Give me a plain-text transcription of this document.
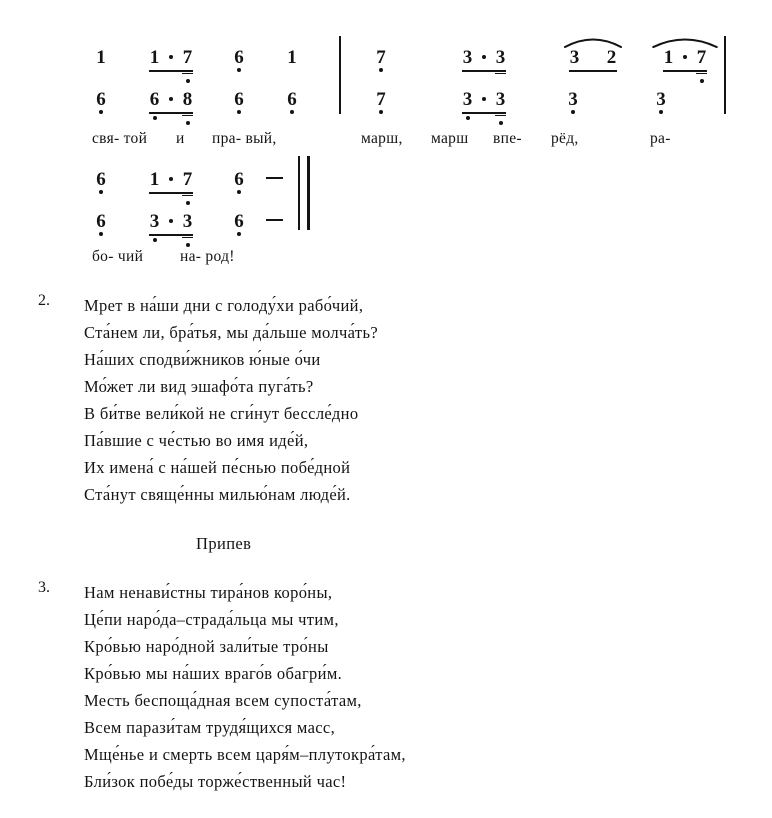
1
6
1 7
6 8
6
6
1
6
7
7
3 3
3 3
3 2
3
1 7
3
свя- той и пра- вый,	марш, марш впе- рёд,	ра-
6
6
1 7
3 3
6
6
бо- чий на- род!
2. Мрет в на́ши дни с голоду́хи рабо́чий,
Ста́нем ли, бра́тья, мы да́льше молча́ть?
На́ших сподви́жников ю́ные о́чи
Мо́жет ли вид эшафо́та пуга́ть?
В би́тве вели́кой не сги́нут бессле́дно
Па́вшие с че́стью во имя иде́й,
Их имена́ с на́шей пе́снью побе́дной
Ста́нут свяще́нны милью́нам люде́й.
Припев
3. Нам ненави́стны тира́нов коро́ны,
Це́пи наро́да–страда́льца мы чтим,
Кро́вью наро́дной зали́тые тро́ны
Кро́вью мы на́ших враго́в обагри́м.
Месть беспоща́дная всем супоста́там,
Всем парази́там трудя́щихся масс,
Мще́нье и смерть всем царя́м–плутокра́там,
Бли́зок побе́ды торже́ственный час!
